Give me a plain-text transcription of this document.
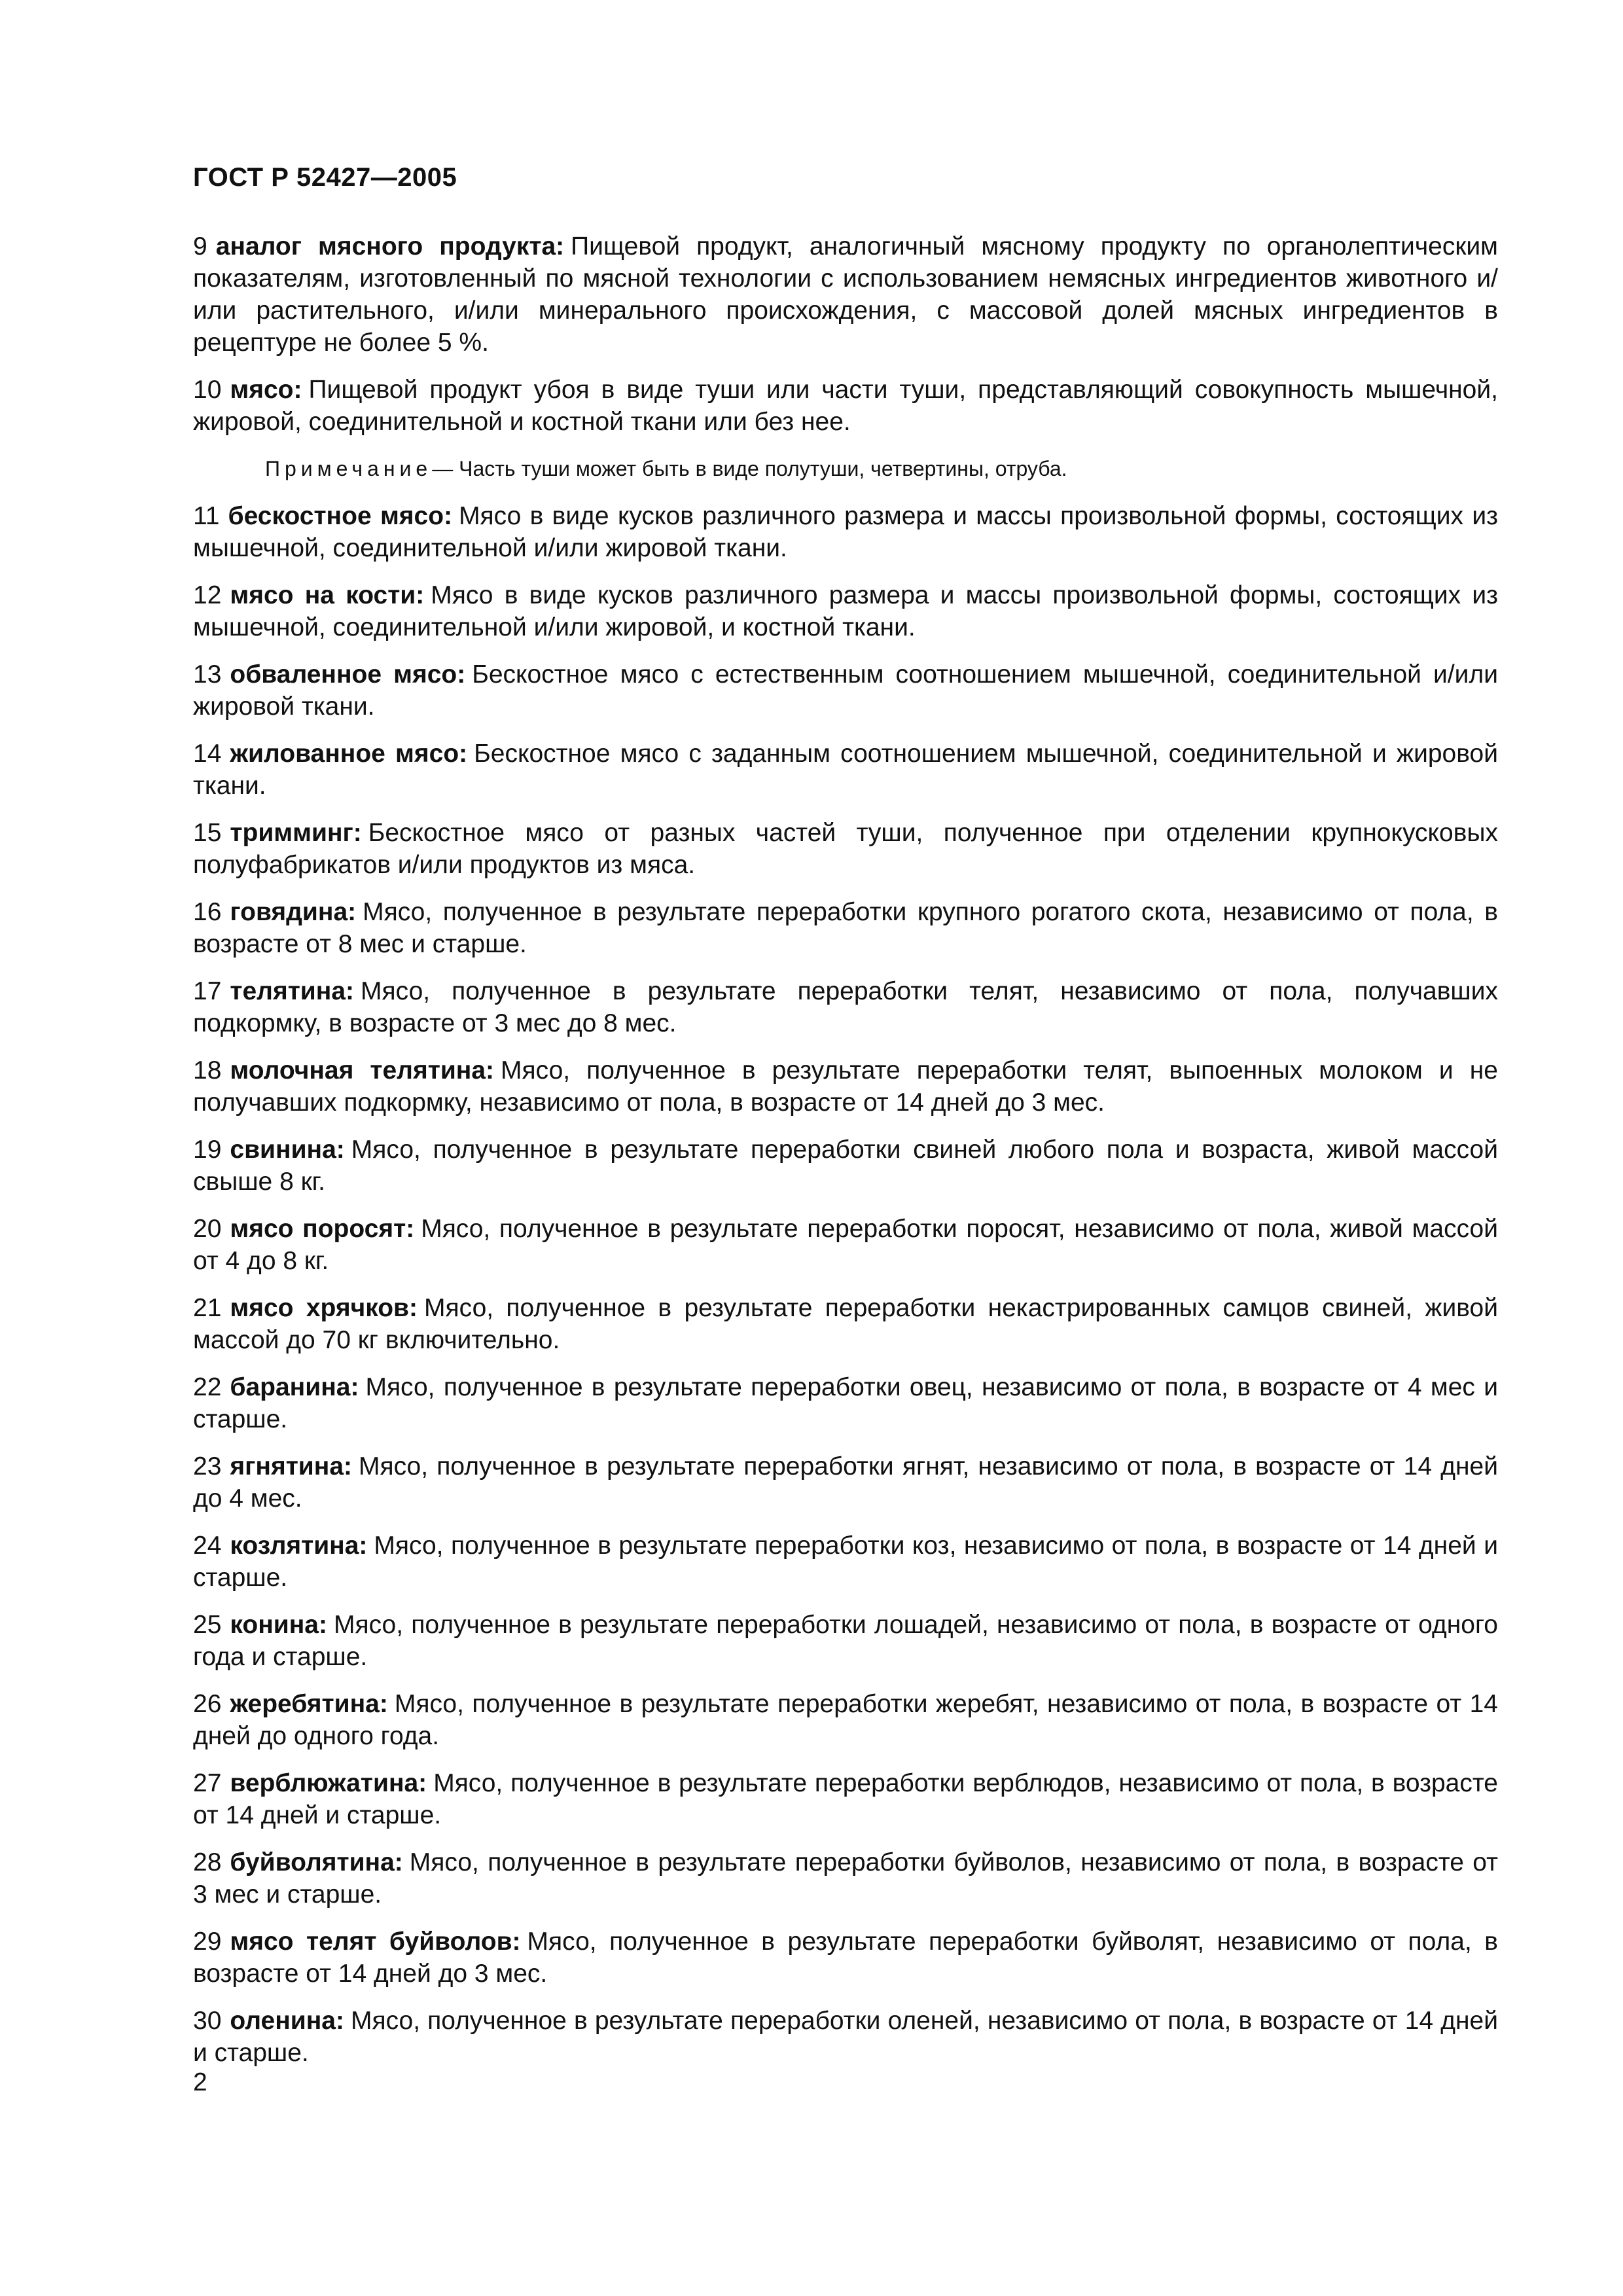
ГОСТ Р 52427—2005

9 аналог мясного продукта: Пищевой продукт, аналогичный мясному продукту по органолептическим показателям, изготовленный по мясной технологии с использованием немясных ингредиентов животного и/или растительного, и/или минерального происхождения, с массовой долей мясных ингредиентов в рецептуре не более 5 %.

10 мясо: Пищевой продукт убоя в виде туши или части туши, представляющий совокупность мышечной, жировой, соединительной и костной ткани или без нее.

Примечание— Часть туши может быть в виде полутуши, четвертины, отруба.

11 бескостное мясо: Мясо в виде кусков различного размера и массы произвольной формы, состоящих из мышечной, соединительной и/или жировой ткани.

12 мясо на кости: Мясо в виде кусков различного размера и массы произвольной формы, состоящих из мышечной, соединительной и/или жировой, и костной ткани.

13 обваленное мясо: Бескостное мясо с естественным соотношением мышечной, соединительной и/или жировой ткани.

14 жилованное мясо: Бескостное мясо с заданным соотношением мышечной, соединительной и жировой ткани.

15 тримминг: Бескостное мясо от разных частей туши, полученное при отделении крупнокусковых полуфабрикатов и/или продуктов из мяса.

16 говядина: Мясо, полученное в результате переработки крупного рогатого скота, независимо от пола, в возрасте от 8 мес и старше.

17 телятина: Мясо, полученное в результате переработки телят, независимо от пола, получавших подкормку, в возрасте от 3 мес до 8 мес.

18 молочная телятина: Мясо, полученное в результате переработки телят, выпоенных молоком и не получавших подкормку, независимо от пола, в возрасте от 14 дней до 3 мес.

19 свинина: Мясо, полученное в результате переработки свиней любого пола и возраста, живой массой свыше 8 кг.

20 мясо поросят: Мясо, полученное в результате переработки поросят, независимо от пола, живой массой от 4 до 8 кг.

21 мясо хрячков: Мясо, полученное в результате переработки некастрированных самцов свиней, живой массой до 70 кг включительно.

22 баранина: Мясо, полученное в результате переработки овец, независимо от пола, в возрасте от 4 мес и старше.

23 ягнятина: Мясо, полученное в результате переработки ягнят, независимо от пола, в возрасте от 14 дней до 4 мес.

24 козлятина: Мясо, полученное в результате переработки коз, независимо от пола, в возрасте от 14 дней и старше.

25 конина: Мясо, полученное в результате переработки лошадей, независимо от пола, в возрасте от одного года и старше.

26 жеребятина: Мясо, полученное в результате переработки жеребят, независимо от пола, в возрасте от 14 дней до одного года.

27 верблюжатина: Мясо, полученное в результате переработки верблюдов, независимо от пола, в возрасте от 14 дней и старше.

28 буйволятина: Мясо, полученное в результате переработки буйволов, независимо от пола, в возрасте от 3 мес и старше.

29 мясо телят буйволов: Мясо, полученное в результате переработки буйволят, независимо от пола, в возрасте от 14 дней до 3 мес.

30 оленина: Мясо, полученное в результате переработки оленей, независимо от пола, в возрасте от 14 дней и старше.

2
